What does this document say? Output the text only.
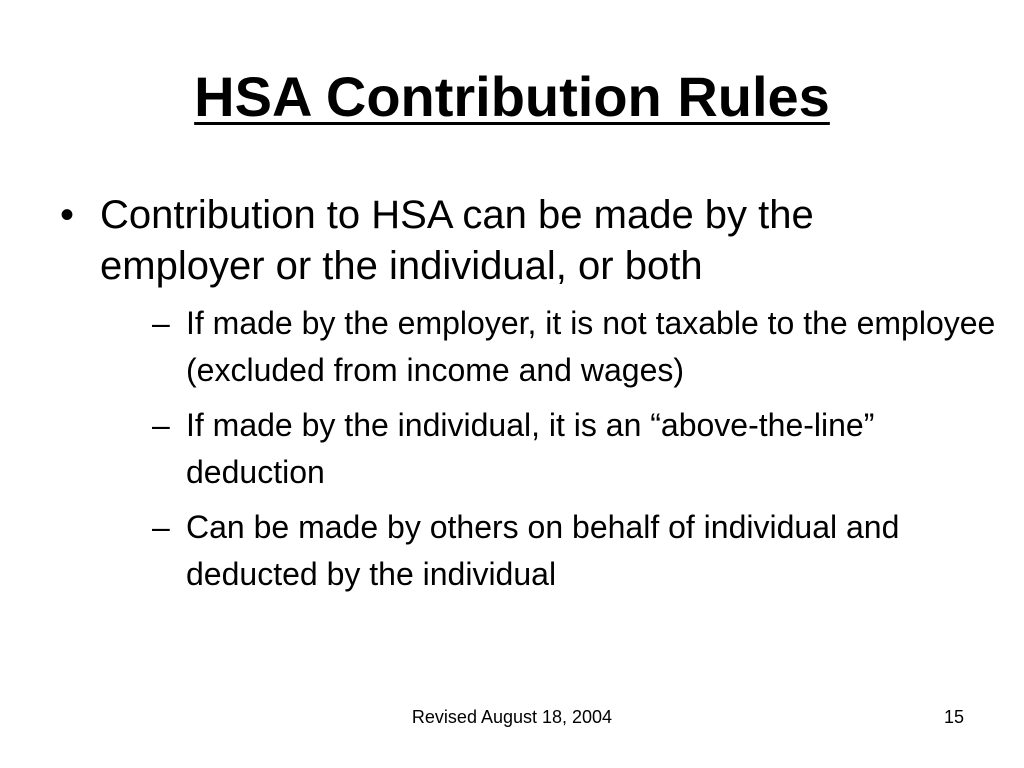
HSA Contribution Rules
• Contribution to HSA can be made by the employer or the individual, or both
– If made by the employer, it is not taxable to the employee (excluded from income and wages)
– If made by the individual, it is an “above-the-line” deduction
– Can be made by others on behalf of individual and deducted by the individual
Revised August 18, 2004	15
